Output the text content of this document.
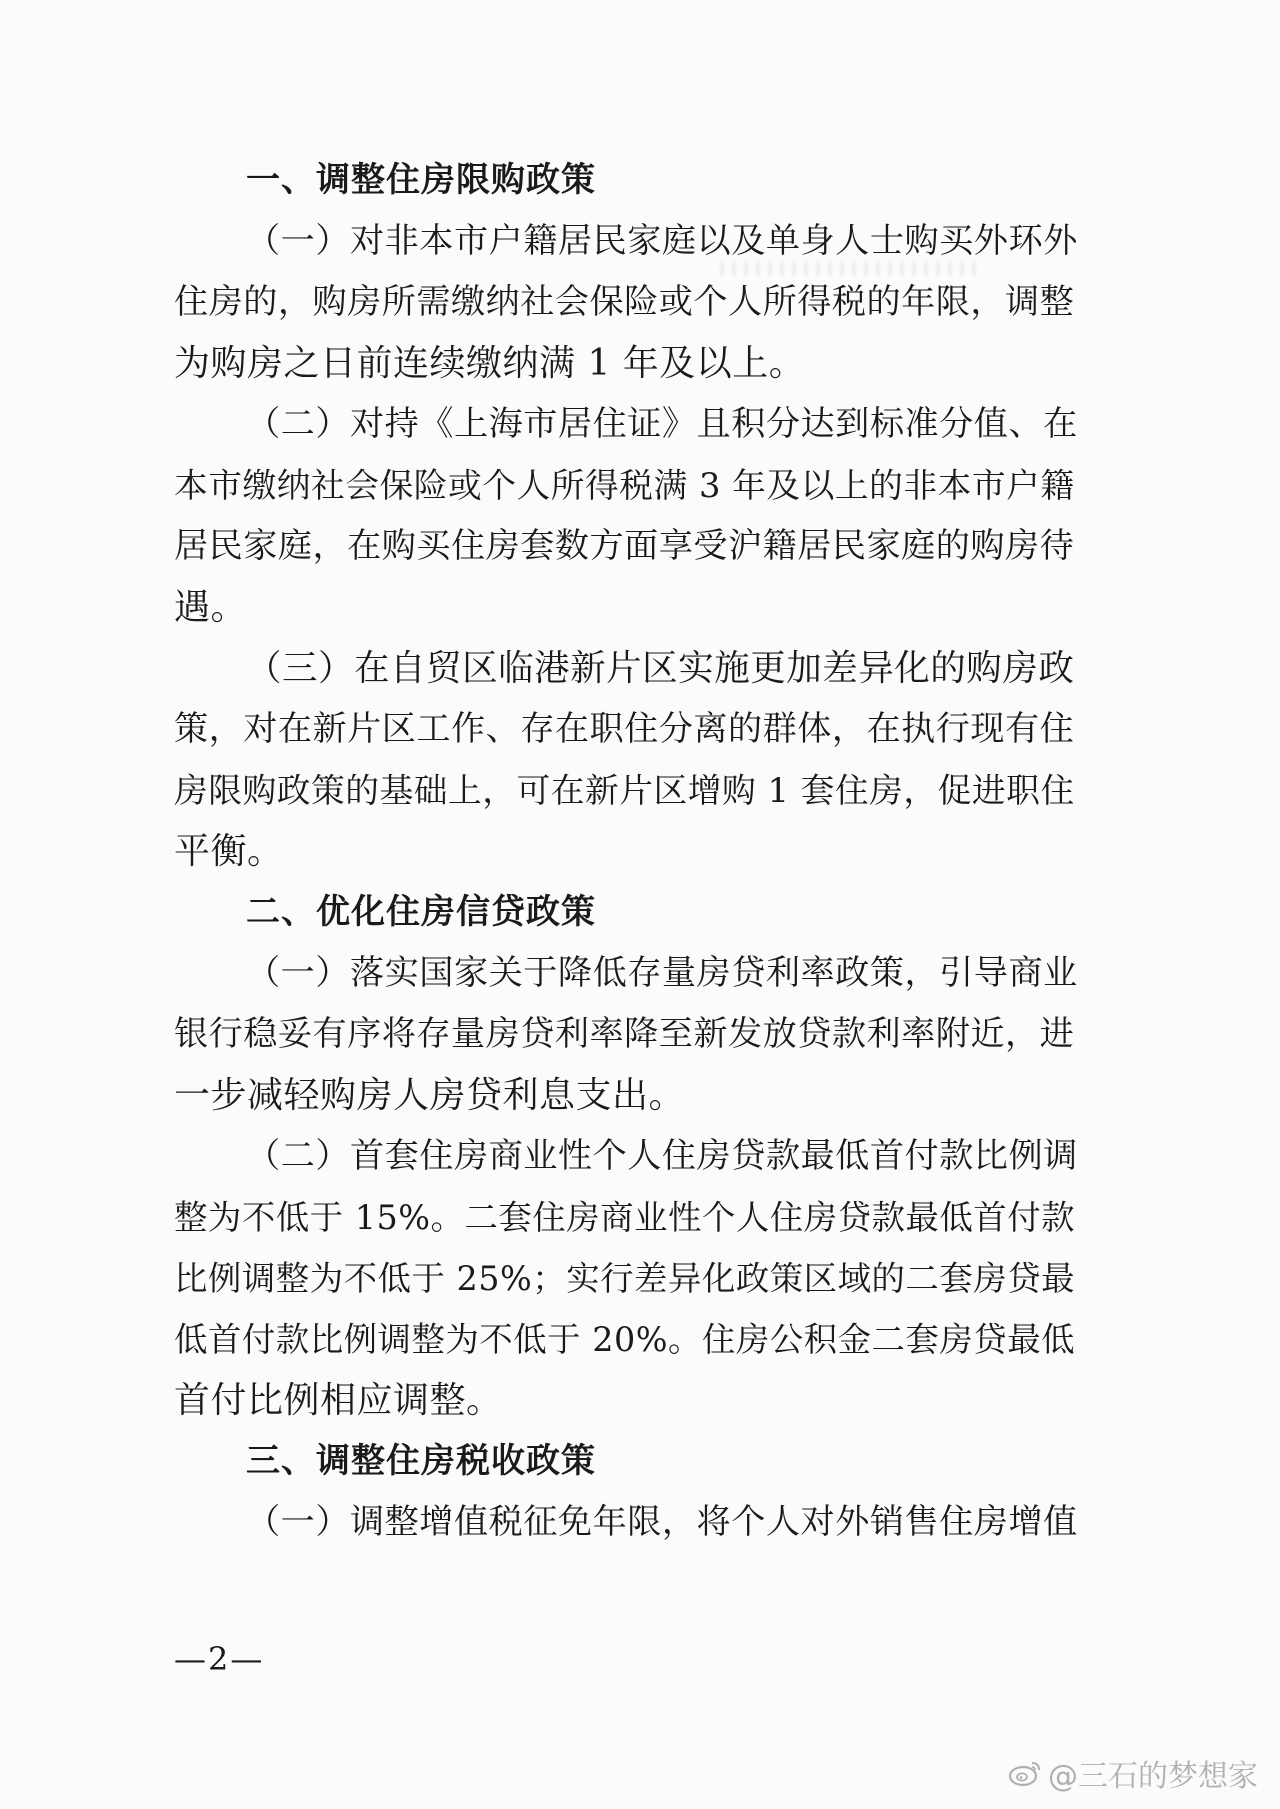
一、调整住房限购政策
（一）对非本市户籍居民家庭以及单身人士购买外环外
住房的，购房所需缴纳社会保险或个人所得税的年限，调整
为购房之日前连续缴纳满 1 年及以上。
（二）对持《上海市居住证》且积分达到标准分值、在
本市缴纳社会保险或个人所得税满 3 年及以上的非本市户籍
居民家庭，在购买住房套数方面享受沪籍居民家庭的购房待
遇。
（三）在自贸区临港新片区实施更加差异化的购房政
策，对在新片区工作、存在职住分离的群体，在执行现有住
房限购政策的基础上，可在新片区增购 1 套住房，促进职住
平衡。
二、优化住房信贷政策
（一）落实国家关于降低存量房贷利率政策，引导商业
银行稳妥有序将存量房贷利率降至新发放贷款利率附近，进
一步减轻购房人房贷利息支出。
（二）首套住房商业性个人住房贷款最低首付款比例调
整为不低于 15%。二套住房商业性个人住房贷款最低首付款
比例调整为不低于 25%；实行差异化政策区域的二套房贷最
低首付款比例调整为不低于 20%。住房公积金二套房贷最低
首付比例相应调整。
三、调整住房税收政策
（一）调整增值税征免年限，将个人对外销售住房增值
—2—
@三石的梦想家
